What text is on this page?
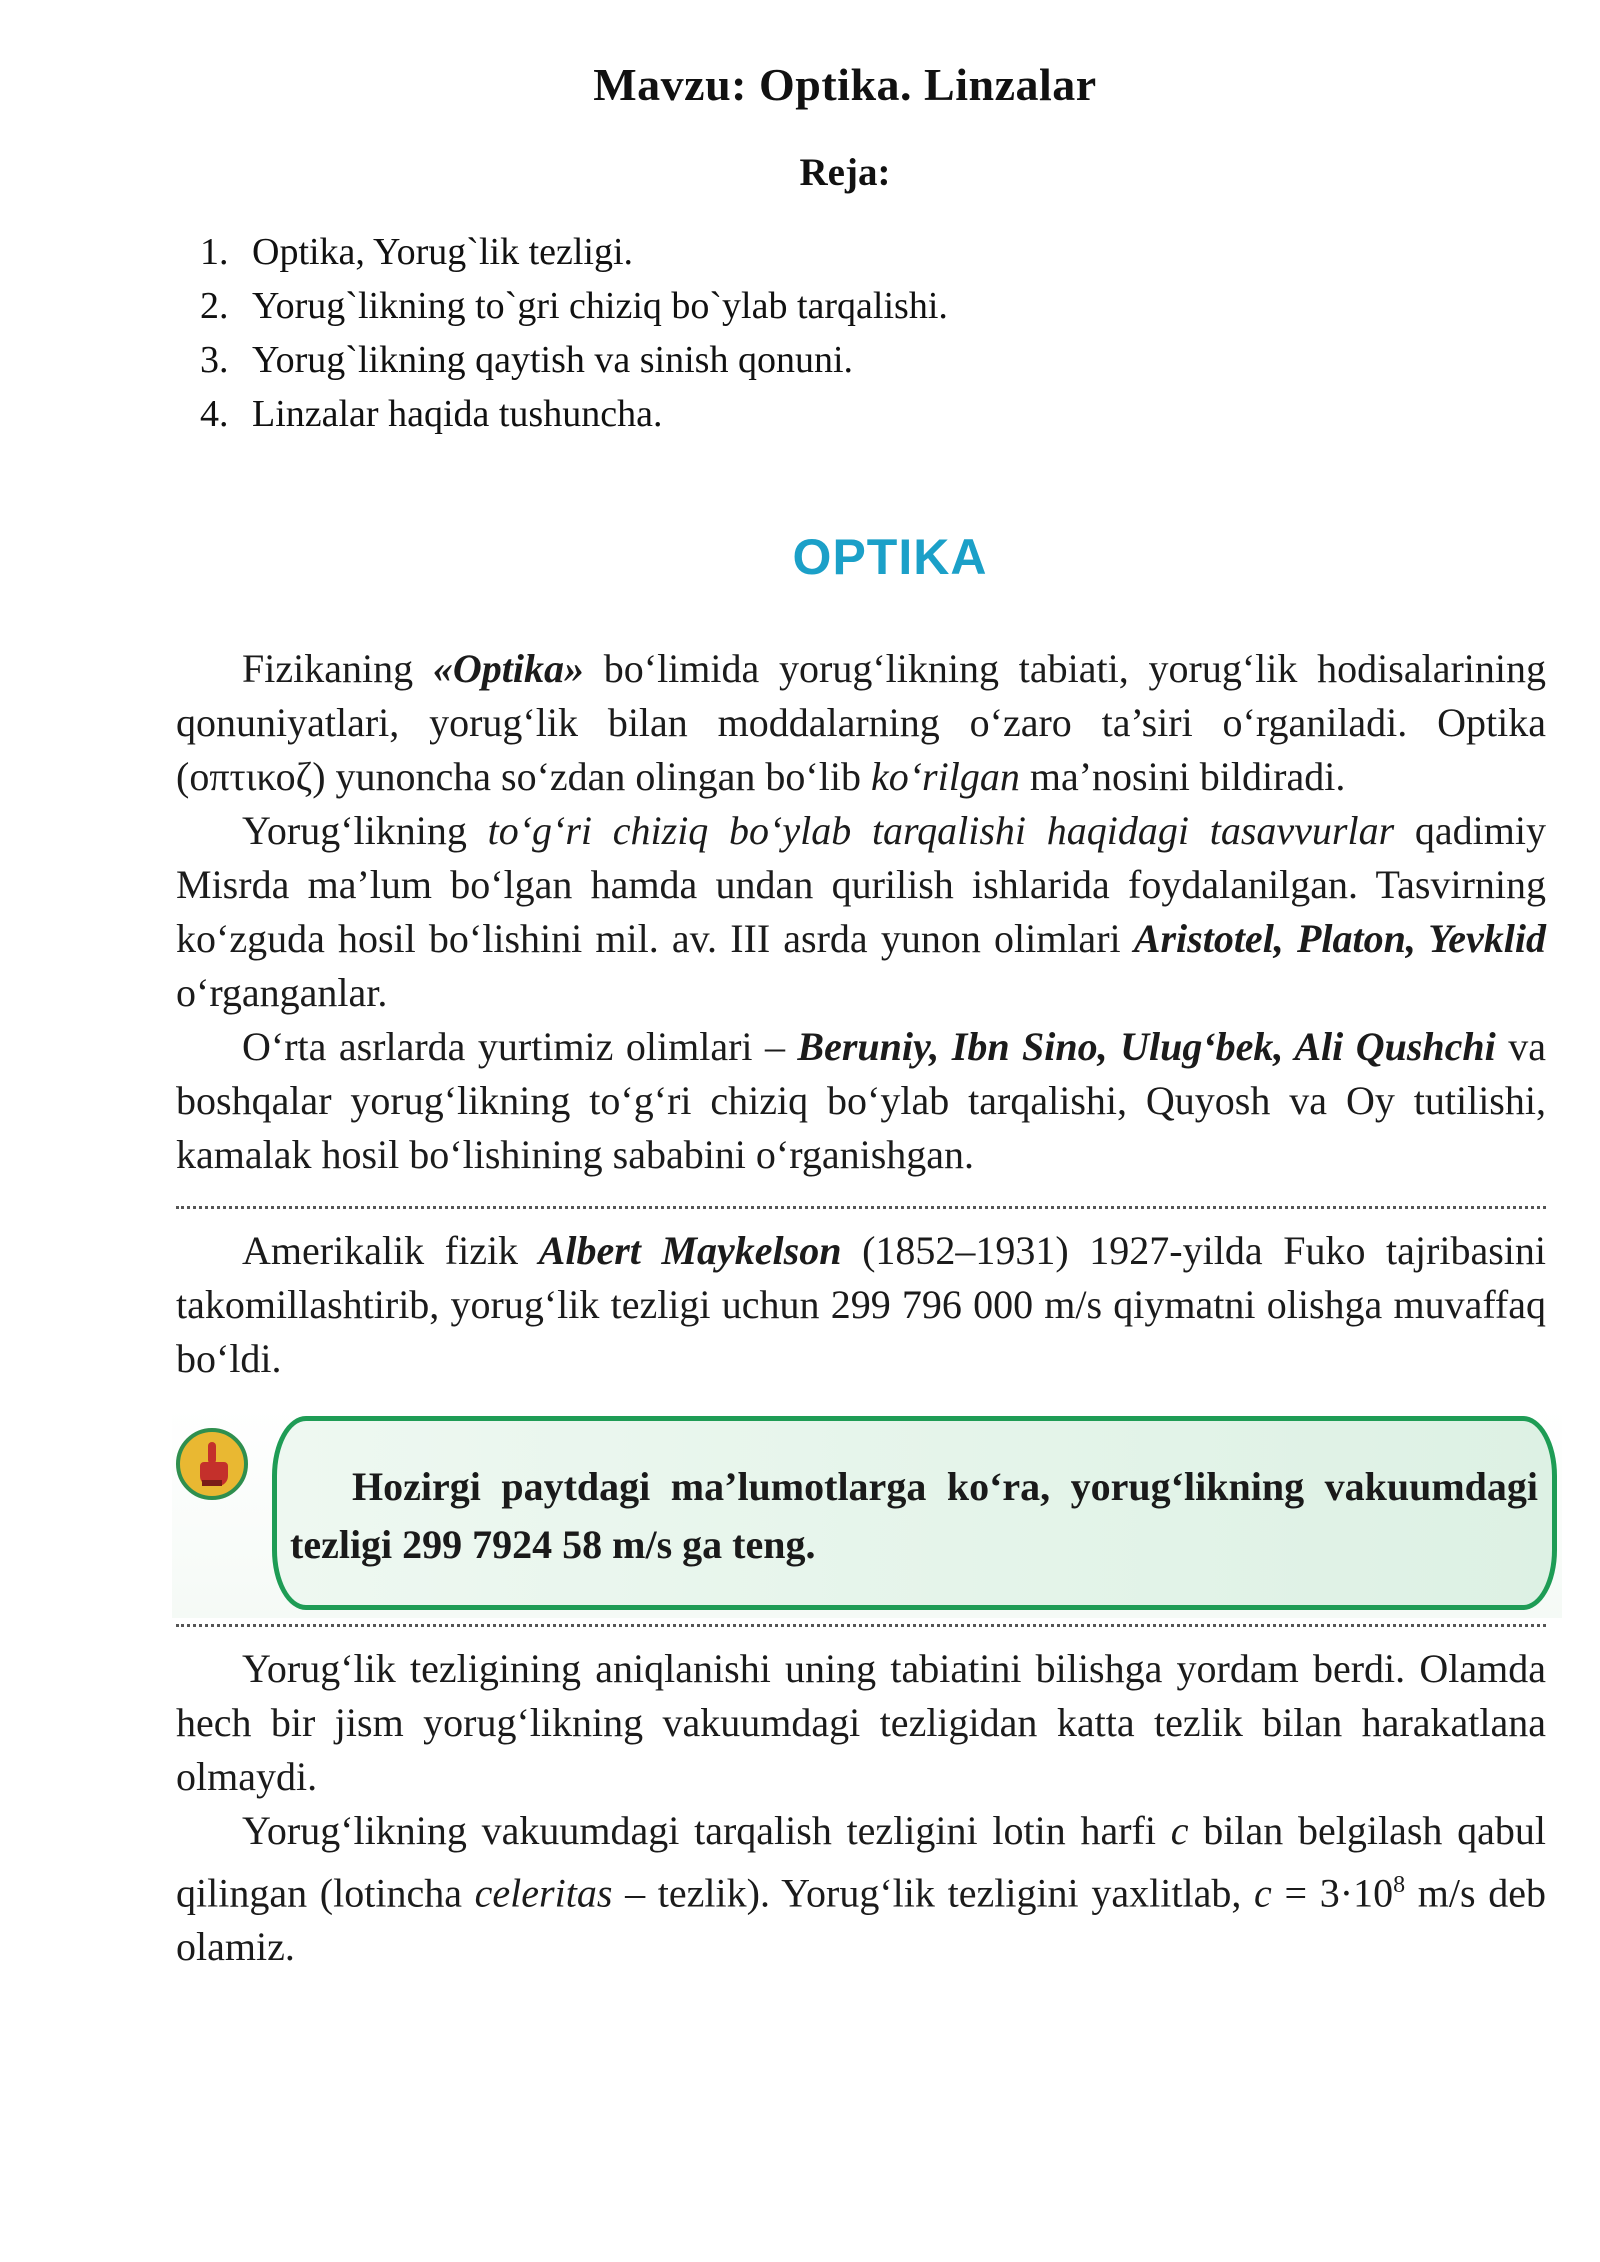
Mavzu: Optika. Linzalar
Reja:
1. Optika, Yorug`lik tezligi.
2. Yorug`likning to`gri chiziq bo`ylab tarqalishi.
3. Yorug`likning qaytish va sinish qonuni.
4. Linzalar haqida tushuncha.
OPTIKA

Fizikaning «Optika» bo‘limida yorug‘likning tabiati, yorug‘lik hodisalarining qonuniyatlari, yorug‘lik bilan moddalarning o‘zaro ta’siri o‘rganiladi. Optika (οπτικοζ) yunoncha so‘zdan olingan bo‘lib ko‘rilgan ma’nosini bildiradi.

Yorug‘likning to‘g‘ri chiziq bo‘ylab tarqalishi haqidagi tasavvurlar qadimiy Misrda ma’lum bo‘lgan hamda undan qurilish ishlarida foydalanilgan. Tasvirning ko‘zguda hosil bo‘lishini mil. av. III asrda yunon olimlari Aristotel, Platon, Yevklid o‘rganganlar.

O‘rta asrlarda yurtimiz olimlari – Beruniy, Ibn Sino, Ulug‘bek, Ali Qushchi va boshqalar yorug‘likning to‘g‘ri chiziq bo‘ylab tarqalishi, Quyosh va Oy tutilishi, kamalak hosil bo‘lishining sababini o‘rganishgan.

Amerikalik fizik Albert Maykelson (1852–1931) 1927-yilda Fuko tajribasini takomillashtirib, yorug‘lik tezligi uchun 299 796 000 m/s qiymatni olishga muvaffaq bo‘ldi.

Hozirgi paytdagi ma’lumotlarga ko‘ra, yorug‘likning vakuumdagi tezligi 299 7924 58 m/s ga teng.

Yorug‘lik tezligining aniqlanishi uning tabiatini bilishga yordam berdi. Olamda hech bir jism yorug‘likning vakuumdagi tezligidan katta tezlik bilan harakatlana olmaydi.

Yorug‘likning vakuumdagi tarqalish tezligini lotin harfi c bilan belgilash qabul qilingan (lotincha celeritas – tezlik). Yorug‘lik tezligini yaxlitlab, $c = 3\cdot 10^8$ m/s deb olamiz.
